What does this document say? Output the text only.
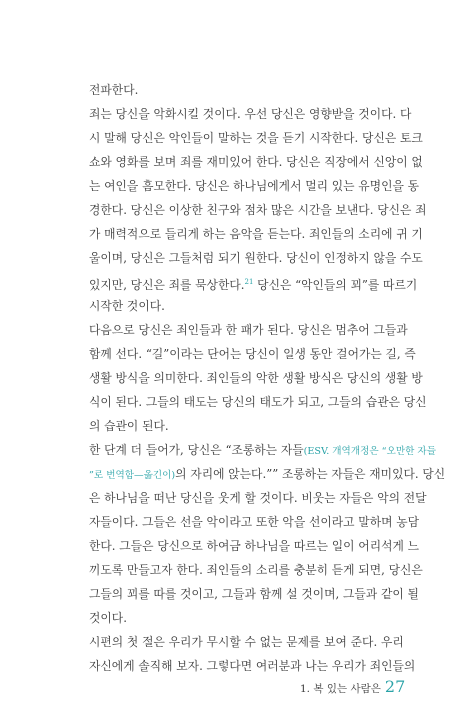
전파한다.
죄는 당신을 악화시킬 것이다. 우선 당신은 영향받을 것이다. 다
시 말해 당신은 악인들이 말하는 것을 듣기 시작한다. 당신은 토크
쇼와 영화를 보며 죄를 재미있어 한다. 당신은 직장에서 신앙이 없
는 여인을 흠모한다. 당신은 하나님에게서 멀리 있는 유명인을 동
경한다. 당신은 이상한 친구와 점차 많은 시간을 보낸다. 당신은 죄
가 매력적으로 들리게 하는 음악을 듣는다. 죄인들의 소리에 귀 기
울이며, 당신은 그들처럼 되기 원한다. 당신이 인정하지 않을 수도
있지만, 당신은 죄를 묵상한다.$^{21}$ 당신은 “악인들의 꾀”를 따르기
시작한 것이다.
다음으로 당신은 죄인들과 한 패가 된다. 당신은 멈추어 그들과
함께 선다. “길”이라는 단어는 당신이 일생 동안 걸어가는 길, 즉
생활 방식을 의미한다. 죄인들의 악한 생활 방식은 당신의 생활 방
식이 된다. 그들의 태도는 당신의 태도가 되고, 그들의 습관은 당신
의 습관이 된다.
한 단계 더 들어가, 당신은 “조롱하는 자들(ESV. 개역개정은 “오만한 자들
”로 번역함—옮긴이)의 자리에 앉는다.”” 조롱하는 자들은 재미있다. 당신
은 하나님을 떠난 당신을 웃게 할 것이다. 비웃는 자들은 악의 전달
자들이다. 그들은 선을 악이라고 또한 악을 선이라고 말하며 농담
한다. 그들은 당신으로 하여금 하나님을 따르는 일이 어리석게 느
끼도록 만들고자 한다. 죄인들의 소리를 충분히 듣게 되면, 당신은
그들의 꾀를 따를 것이고, 그들과 함께 설 것이며, 그들과 같이 될
것이다.
시편의 첫 절은 우리가 무시할 수 없는 문제를 보여 준다. 우리
자신에게 솔직해 보자. 그렇다면 여러분과 나는 우리가 죄인들의
1. 복 있는 사람은 27
